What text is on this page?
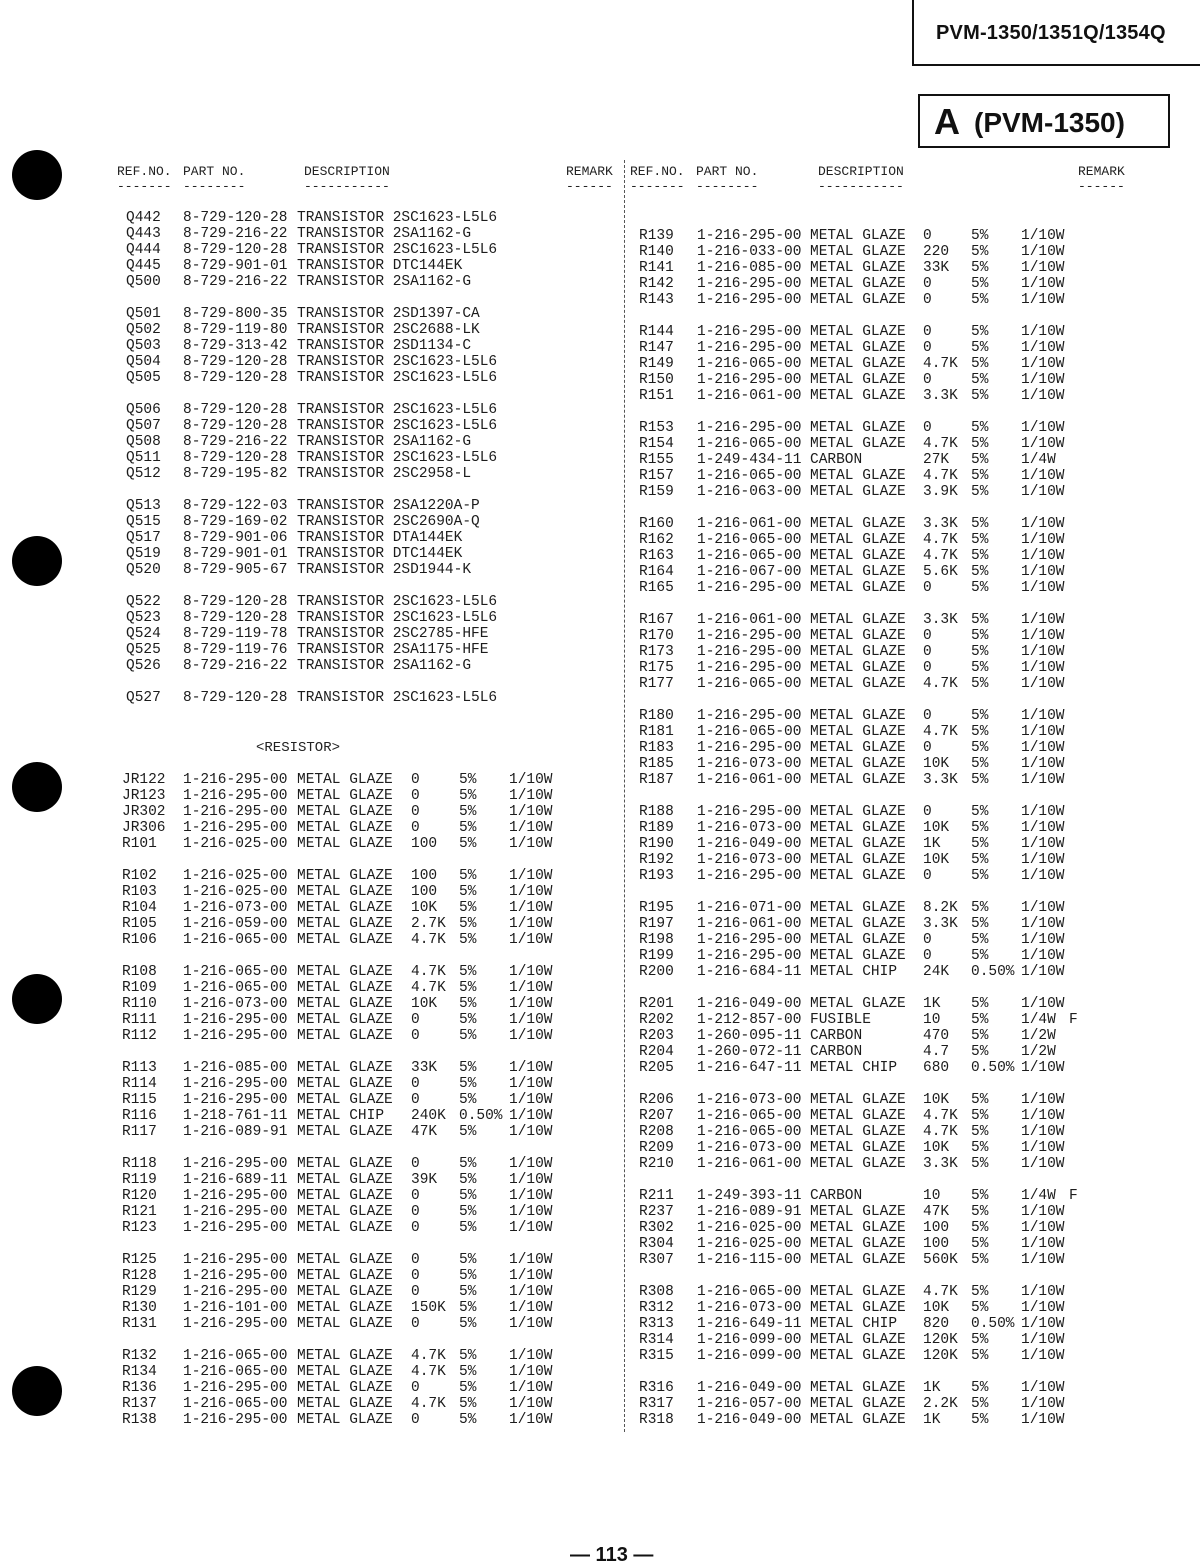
PVM-1350/1351Q/1354Q
A (PVM-1350)
REF.NO. PART NO.	DESCRIPTION	REMARK
------- --------	-----------	------
REF.NO. PART NO.	DESCRIPTION	REMARK
------- --------	-----------	------
Q442 8-729-120-28 TRANSISTOR 2SC1623-L5L6
Q443 8-729-216-22 TRANSISTOR 2SA1162-G
Q444 8-729-120-28 TRANSISTOR 2SC1623-L5L6
Q445 8-729-901-01 TRANSISTOR DTC144EK
Q500 8-729-216-22 TRANSISTOR 2SA1162-G
Q501 8-729-800-35 TRANSISTOR 2SD1397-CA
Q502 8-729-119-80 TRANSISTOR 2SC2688-LK
Q503 8-729-313-42 TRANSISTOR 2SD1134-C
Q504 8-729-120-28 TRANSISTOR 2SC1623-L5L6
Q505 8-729-120-28 TRANSISTOR 2SC1623-L5L6
Q506 8-729-120-28 TRANSISTOR 2SC1623-L5L6
Q507 8-729-120-28 TRANSISTOR 2SC1623-L5L6
Q508 8-729-216-22 TRANSISTOR 2SA1162-G
Q511 8-729-120-28 TRANSISTOR 2SC1623-L5L6
Q512 8-729-195-82 TRANSISTOR 2SC2958-L
Q513 8-729-122-03 TRANSISTOR 2SA1220A-P
Q515 8-729-169-02 TRANSISTOR 2SC2690A-Q
Q517 8-729-901-06 TRANSISTOR DTA144EK
Q519 8-729-901-01 TRANSISTOR DTC144EK
Q520 8-729-905-67 TRANSISTOR 2SD1944-K
Q522 8-729-120-28 TRANSISTOR 2SC1623-L5L6
Q523 8-729-120-28 TRANSISTOR 2SC1623-L5L6
Q524 8-729-119-78 TRANSISTOR 2SC2785-HFE
Q525 8-729-119-76 TRANSISTOR 2SA1175-HFE
Q526 8-729-216-22 TRANSISTOR 2SA1162-G
Q527 8-729-120-28 TRANSISTOR 2SC1623-L5L6
<RESISTOR>
JR122 1-216-295-00 METAL GLAZE 0	5% 1/10W
JR123 1-216-295-00 METAL GLAZE 0	5% 1/10W
JR302 1-216-295-00 METAL GLAZE 0	5% 1/10W
JR306 1-216-295-00 METAL GLAZE 0	5% 1/10W
R101 1-216-025-00 METAL GLAZE 100 5% 1/10W
R102 1-216-025-00 METAL GLAZE 100 5% 1/10W
R103 1-216-025-00 METAL GLAZE 100 5% 1/10W
R104 1-216-073-00 METAL GLAZE 10K 5% 1/10W
R105 1-216-059-00 METAL GLAZE 2.7K 5% 1/10W
R106 1-216-065-00 METAL GLAZE 4.7K 5% 1/10W
R108 1-216-065-00 METAL GLAZE 4.7K 5% 1/10W
R109 1-216-065-00 METAL GLAZE 4.7K 5% 1/10W
R110 1-216-073-00 METAL GLAZE 10K 5% 1/10W
R111 1-216-295-00 METAL GLAZE 0	5% 1/10W
R112 1-216-295-00 METAL GLAZE 0	5% 1/10W
R113 1-216-085-00 METAL GLAZE 33K 5% 1/10W
R114 1-216-295-00 METAL GLAZE 0	5% 1/10W
R115 1-216-295-00 METAL GLAZE 0	5% 1/10W
R116 1-218-761-11 METAL CHIP 240K 0.50% 1/10W
R117 1-216-089-91 METAL GLAZE 47K 5% 1/10W
R118 1-216-295-00 METAL GLAZE 0	5% 1/10W
R119 1-216-689-11 METAL GLAZE 39K 5% 1/10W
R120 1-216-295-00 METAL GLAZE 0	5% 1/10W
R121 1-216-295-00 METAL GLAZE 0	5% 1/10W
R123 1-216-295-00 METAL GLAZE 0	5% 1/10W
R125 1-216-295-00 METAL GLAZE 0	5% 1/10W
R128 1-216-295-00 METAL GLAZE 0	5% 1/10W
R129 1-216-295-00 METAL GLAZE 0	5% 1/10W
R130 1-216-101-00 METAL GLAZE 150K 5% 1/10W
R131 1-216-295-00 METAL GLAZE 0	5% 1/10W
R132 1-216-065-00 METAL GLAZE 4.7K 5% 1/10W
R134 1-216-065-00 METAL GLAZE 4.7K 5% 1/10W
R136 1-216-295-00 METAL GLAZE 0	5% 1/10W
R137 1-216-065-00 METAL GLAZE 4.7K 5% 1/10W
R138 1-216-295-00 METAL GLAZE 0	5% 1/10W
R139 1-216-295-00 METAL GLAZE 0	5% 1/10W
R140 1-216-033-00 METAL GLAZE 220 5% 1/10W
R141 1-216-085-00 METAL GLAZE 33K 5% 1/10W
R142 1-216-295-00 METAL GLAZE 0	5% 1/10W
R143 1-216-295-00 METAL GLAZE 0	5% 1/10W
R144 1-216-295-00 METAL GLAZE 0	5% 1/10W
R147 1-216-295-00 METAL GLAZE 0	5% 1/10W
R149 1-216-065-00 METAL GLAZE 4.7K 5% 1/10W
R150 1-216-295-00 METAL GLAZE 0	5% 1/10W
R151 1-216-061-00 METAL GLAZE 3.3K 5% 1/10W
R153 1-216-295-00 METAL GLAZE 0	5% 1/10W
R154 1-216-065-00 METAL GLAZE 4.7K 5% 1/10W
R155 1-249-434-11 CARBON	27K 5% 1/4W
R157 1-216-065-00 METAL GLAZE 4.7K 5% 1/10W
R159 1-216-063-00 METAL GLAZE 3.9K 5% 1/10W
R160 1-216-061-00 METAL GLAZE 3.3K 5% 1/10W
R162 1-216-065-00 METAL GLAZE 4.7K 5% 1/10W
R163 1-216-065-00 METAL GLAZE 4.7K 5% 1/10W
R164 1-216-067-00 METAL GLAZE 5.6K 5% 1/10W
R165 1-216-295-00 METAL GLAZE 0	5% 1/10W
R167 1-216-061-00 METAL GLAZE 3.3K 5% 1/10W
R170 1-216-295-00 METAL GLAZE 0	5% 1/10W
R173 1-216-295-00 METAL GLAZE 0	5% 1/10W
R175 1-216-295-00 METAL GLAZE 0	5% 1/10W
R177 1-216-065-00 METAL GLAZE 4.7K 5% 1/10W
R180 1-216-295-00 METAL GLAZE 0	5% 1/10W
R181 1-216-065-00 METAL GLAZE 4.7K 5% 1/10W
R183 1-216-295-00 METAL GLAZE 0	5% 1/10W
R185 1-216-073-00 METAL GLAZE 10K 5% 1/10W
R187 1-216-061-00 METAL GLAZE 3.3K 5% 1/10W
R188 1-216-295-00 METAL GLAZE 0	5% 1/10W
R189 1-216-073-00 METAL GLAZE 10K 5% 1/10W
R190 1-216-049-00 METAL GLAZE 1K 5% 1/10W
R192 1-216-073-00 METAL GLAZE 10K 5% 1/10W
R193 1-216-295-00 METAL GLAZE 0	5% 1/10W
R195 1-216-071-00 METAL GLAZE 8.2K 5% 1/10W
R197 1-216-061-00 METAL GLAZE 3.3K 5% 1/10W
R198 1-216-295-00 METAL GLAZE 0	5% 1/10W
R199 1-216-295-00 METAL GLAZE 0	5% 1/10W
R200 1-216-684-11 METAL CHIP 24K 0.50% 1/10W
R201 1-216-049-00 METAL GLAZE 1K 5% 1/10W
R202 1-212-857-00 FUSIBLE	10 5% 1/4W F
R203 1-260-095-11 CARBON	470 5% 1/2W
R204 1-260-072-11 CARBON	4.7 5% 1/2W
R205 1-216-647-11 METAL CHIP 680 0.50% 1/10W
R206 1-216-073-00 METAL GLAZE 10K 5% 1/10W
R207 1-216-065-00 METAL GLAZE 4.7K 5% 1/10W
R208 1-216-065-00 METAL GLAZE 4.7K 5% 1/10W
R209 1-216-073-00 METAL GLAZE 10K 5% 1/10W
R210 1-216-061-00 METAL GLAZE 3.3K 5% 1/10W
R211 1-249-393-11 CARBON	10 5% 1/4W F
R237 1-216-089-91 METAL GLAZE 47K 5% 1/10W
R302 1-216-025-00 METAL GLAZE 100 5% 1/10W
R304 1-216-025-00 METAL GLAZE 100 5% 1/10W
R307 1-216-115-00 METAL GLAZE 560K 5% 1/10W
R308 1-216-065-00 METAL GLAZE 4.7K 5% 1/10W
R312 1-216-073-00 METAL GLAZE 10K 5% 1/10W
R313 1-216-649-11 METAL CHIP 820 0.50% 1/10W
R314 1-216-099-00 METAL GLAZE 120K 5% 1/10W
R315 1-216-099-00 METAL GLAZE 120K 5% 1/10W
R316 1-216-049-00 METAL GLAZE 1K 5% 1/10W
R317 1-216-057-00 METAL GLAZE 2.2K 5% 1/10W
R318 1-216-049-00 METAL GLAZE 1K 5% 1/10W
— 113 —
